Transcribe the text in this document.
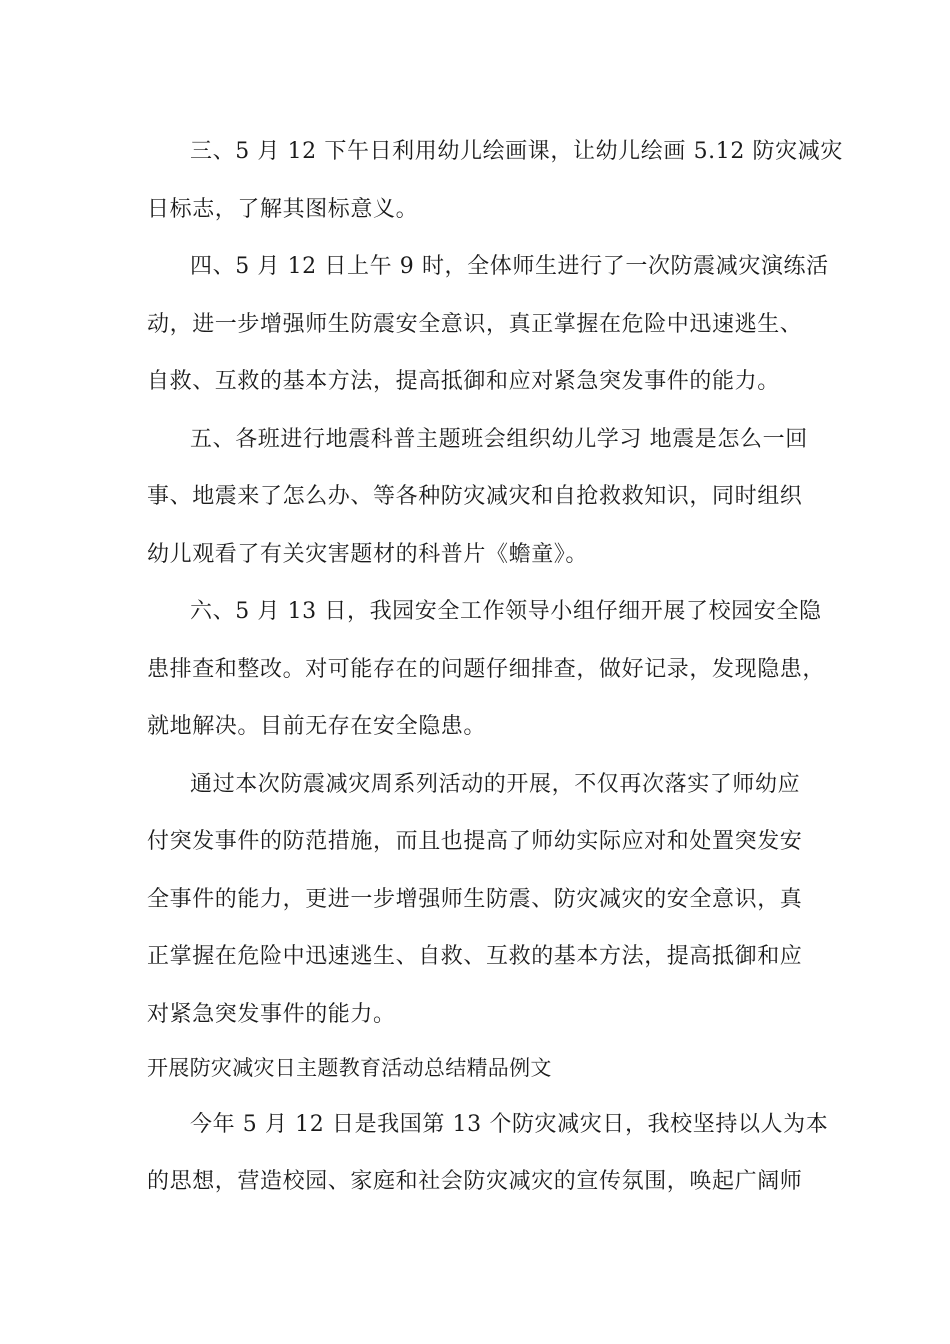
三、5 月 12 下午日利用幼儿绘画课，让幼儿绘画 5.12 防灾减灾
日标志，了解其图标意义。
四、5 月 12 日上午 9 时，全体师生进行了一次防震减灾演练活
动，进一步增强师生防震安全意识，真正掌握在危险中迅速逃生、
自救、互救的基本方法，提高抵御和应对紧急突发事件的能力。
五、各班进行地震科普主题班会组织幼儿学习 地震是怎么一回
事、地震来了怎么办、等各种防灾减灾和自抢救救知识，同时组织
幼儿观看了有关灾害题材的科普片《蟾童》。
六、5 月 13 日，我园安全工作领导小组仔细开展了校园安全隐
患排查和整改。对可能存在的问题仔细排查，做好记录，发现隐患，
就地解决。目前无存在安全隐患。
通过本次防震减灾周系列活动的开展，不仅再次落实了师幼应
付突发事件的防范措施，而且也提高了师幼实际应对和处置突发安
全事件的能力，更进一步增强师生防震、防灾减灾的安全意识，真
正掌握在危险中迅速逃生、自救、互救的基本方法，提高抵御和应
对紧急突发事件的能力。
开展防灾减灾日主题教育活动总结精品例文
今年 5 月 12 日是我国第 13 个防灾减灾日，我校坚持以人为本
的思想，营造校园、家庭和社会防灾减灾的宣传氛围，唤起广阔师
